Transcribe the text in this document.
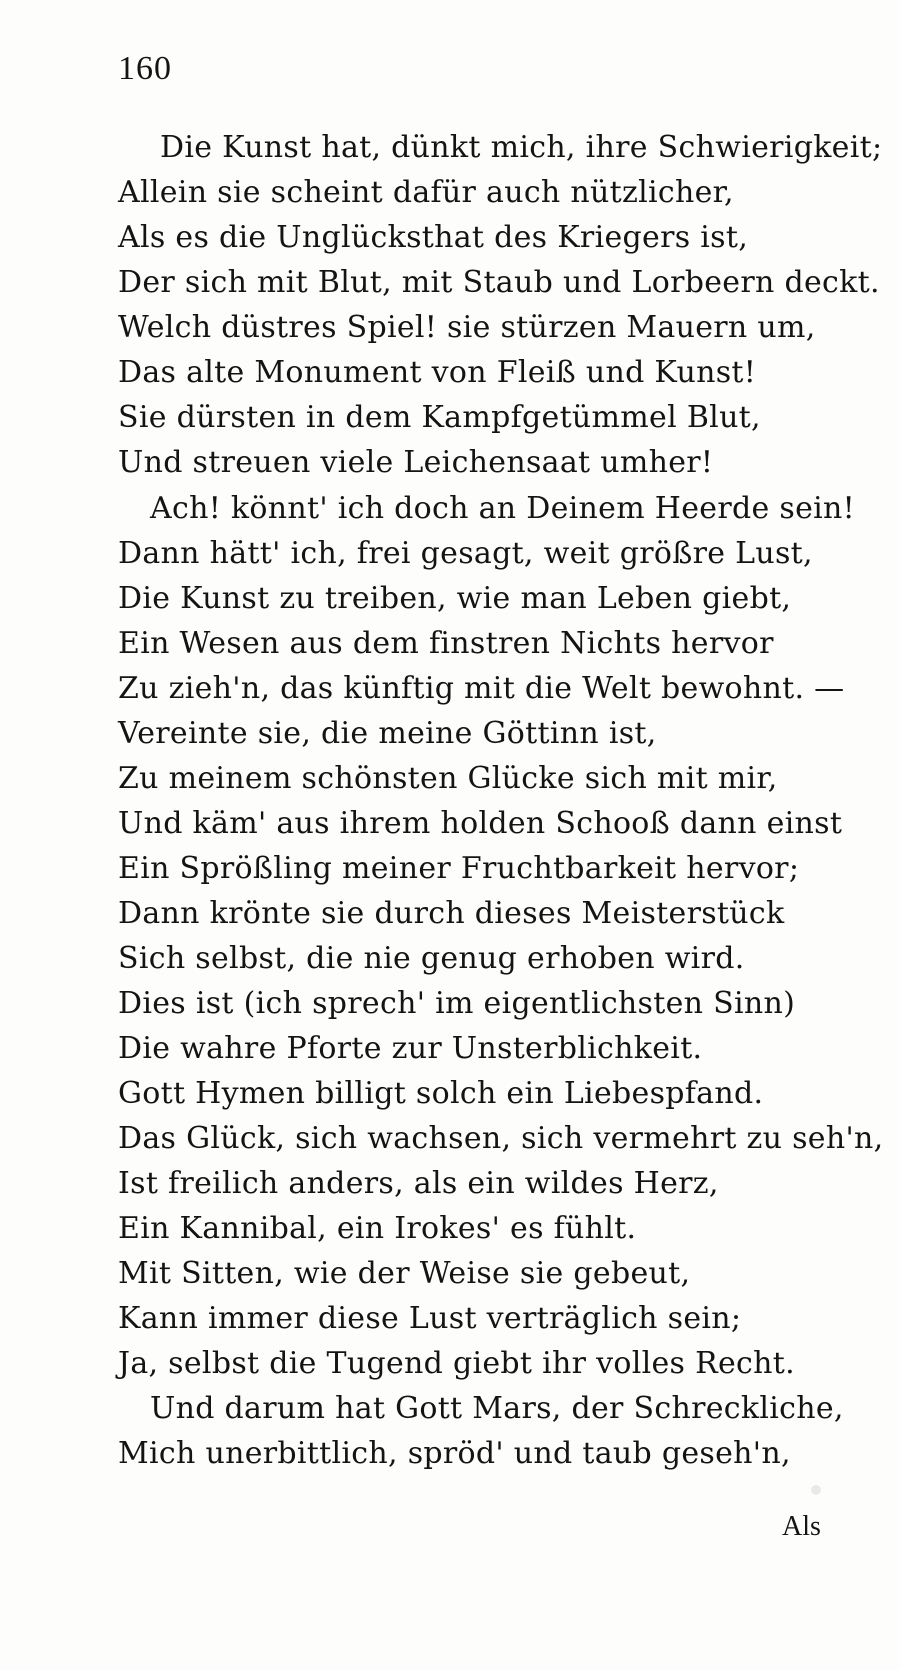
160
Die Kunst hat, dünkt mich, ihre Schwierigkeit;
Allein sie scheint dafür auch nützlicher,
Als es die Unglücksthat des Kriegers ist,
Der sich mit Blut, mit Staub und Lorbeern deckt.
Welch düstres Spiel! sie stürzen Mauern um,
Das alte Monument von Fleiß und Kunst!
Sie dürsten in dem Kampfgetümmel Blut,
Und streuen viele Leichensaat umher!
Ach! könnt' ich doch an Deinem Heerde sein!
Dann hätt' ich, frei gesagt, weit größre Lust,
Die Kunst zu treiben, wie man Leben giebt,
Ein Wesen aus dem finstren Nichts hervor
Zu zieh'n, das künftig mit die Welt bewohnt. —
Vereinte sie, die meine Göttinn ist,
Zu meinem schönsten Glücke sich mit mir,
Und käm' aus ihrem holden Schooß dann einst
Ein Sprößling meiner Fruchtbarkeit hervor;
Dann krönte sie durch dieses Meisterstück
Sich selbst, die nie genug erhoben wird.
Dies ist (ich sprech' im eigentlichsten Sinn)
Die wahre Pforte zur Unsterblichkeit.
Gott Hymen billigt solch ein Liebespfand.
Das Glück, sich wachsen, sich vermehrt zu seh'n,
Ist freilich anders, als ein wildes Herz,
Ein Kannibal, ein Irokes' es fühlt.
Mit Sitten, wie der Weise sie gebeut,
Kann immer diese Lust verträglich sein;
Ja, selbst die Tugend giebt ihr volles Recht.
Und darum hat Gott Mars, der Schreckliche,
Mich unerbittlich, spröd' und taub geseh'n,
Als
